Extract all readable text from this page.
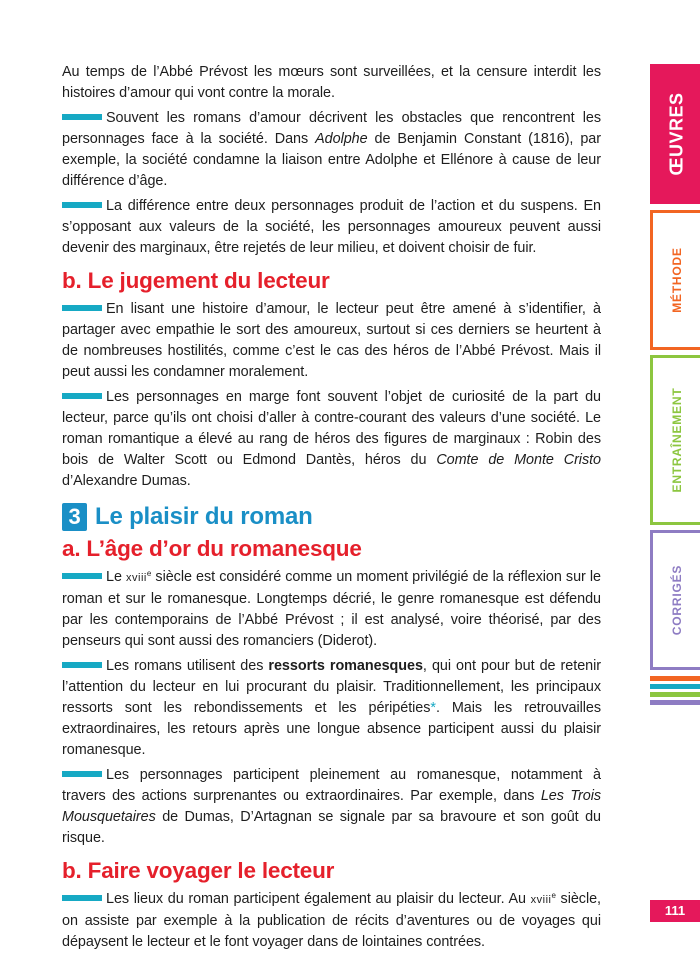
Au temps de l’Abbé Prévost les mœurs sont surveillées, et la censure interdit les histoires d’amour qui vont contre la morale.

Souvent les romans d’amour décrivent les obstacles que rencontrent les personnages face à la société. Dans Adolphe de Benjamin Constant (1816), par exemple, la société condamne la liaison entre Adolphe et Ellénore à cause de leur différence d’âge.

La différence entre deux personnages produit de l’action et du suspens. En s’opposant aux valeurs de la société, les personnages amoureux peuvent aussi devenir des marginaux, être rejetés de leur milieu, et doivent choisir de fuir.

b. Le jugement du lecteur

En lisant une histoire d’amour, le lecteur peut être amené à s’identifier, à partager avec empathie le sort des amoureux, surtout si ces derniers se heurtent à de nombreuses hostilités, comme c’est le cas des héros de l’Abbé Prévost. Mais il peut aussi les condamner moralement.

Les personnages en marge font souvent l’objet de curiosité de la part du lecteur, parce qu’ils ont choisi d’aller à contre-courant des valeurs d’une société. Le roman romantique a élevé au rang de héros des figures de marginaux : Robin des bois de Walter Scott ou Edmond Dantès, héros du Comte de Monte Cristo d’Alexandre Dumas.

3 Le plaisir du roman
a. L’âge d’or du romanesque

Le xviii$^e$ siècle est considéré comme un moment privilégié de la réflexion sur le roman et sur le romanesque. Longtemps décrié, le genre romanesque est défendu par les contemporains de l’Abbé Prévost ; il est analysé, voire théorisé, par des penseurs qui sont aussi des romanciers (Diderot).

Les romans utilisent des ressorts romanesques, qui ont pour but de retenir l’attention du lecteur en lui procurant du plaisir. Traditionnellement, les principaux ressorts sont les rebondissements et les péripéties*. Mais les retrouvailles extraordinaires, les retours après une longue absence participent aussi du plaisir romanesque.

Les personnages participent pleinement au romanesque, notamment à travers des actions surprenantes ou extraordinaires. Par exemple, dans Les Trois Mousquetaires de Dumas, D’Artagnan se signale par sa bravoure et son goût du risque.

b. Faire voyager le lecteur

Les lieux du roman participent également au plaisir du lecteur. Au xviii$^e$ siècle, on assiste par exemple à la publication de récits d’aventures ou de voyages qui dépaysent le lecteur et le font voyager dans de lointaines contrées.

ŒUVRES
MÉTHODE
ENTRAÎNEMENT
CORRIGÉS
111
